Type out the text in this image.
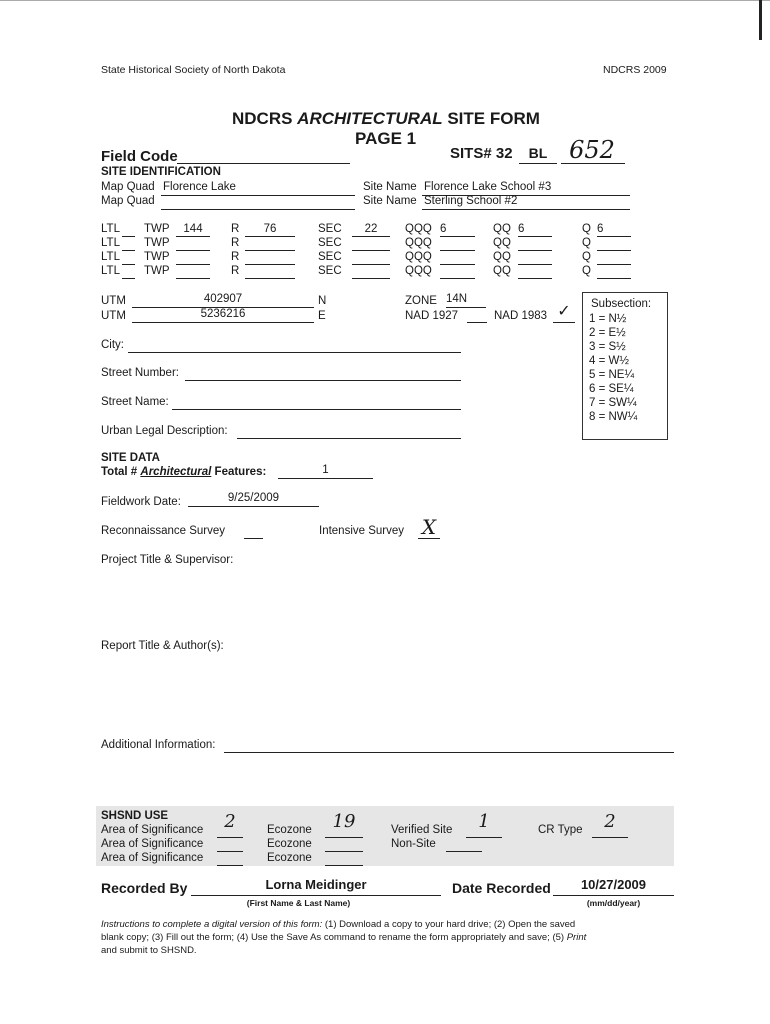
State Historical Society of North Dakota	NDCRS 2009
NDCRS ARCHITECTURAL SITE FORM
PAGE 1
Field Code	SITS# 32	BL 652
SITE IDENTIFICATION
Map Quad Florence Lake
Map Quad
Site Name Florence Lake School #3
Site Name Sterling School #2
LTL TWP	144	R	76	SEC	22	QQQ 6	QQ 6	Q 6
LTL TWP	R	SEC	QQQ	QQ	Q
LTL TWP	R	SEC	QQQ	QQ	Q
LTL TWP	R	SEC	QQQ	QQ	Q
UTM	402907	N
UTM	5236216	E
ZONE 14N
NAD 1927	NAD 1983 ✓	Subsection:
1 = N½
2 = E½
3 = S½
4 = W½
5 = NE¼
6 = SE¼
7 = SW¼
8 = NW¼
City:
Street Number:
Street Name:
Urban Legal Description:
SITE DATA
Total # Architectural Features:	1
Fieldwork Date:	9/25/2009
Reconnaissance Survey	Intensive Survey X
Project Title & Supervisor:
Report Title & Author(s):
Additional Information:
SHSND USE
Area of Significance	2
Area of Significance
Area of Significance
Ecozone	19
Ecozone
Ecozone
Verified Site	1
Non-Site
CR Type	2
Recorded By	Lorna Meidinger
(First Name & Last Name)
Date Recorded	10/27/2009
(mm/dd/year)
Instructions to complete a digital version of this form: (1) Download a copy to your hard drive; (2) Open the saved
blank copy; (3) Fill out the form; (4) Use the Save As command to rename the form appropriately and save; (5) Print
and submit to SHSND.
